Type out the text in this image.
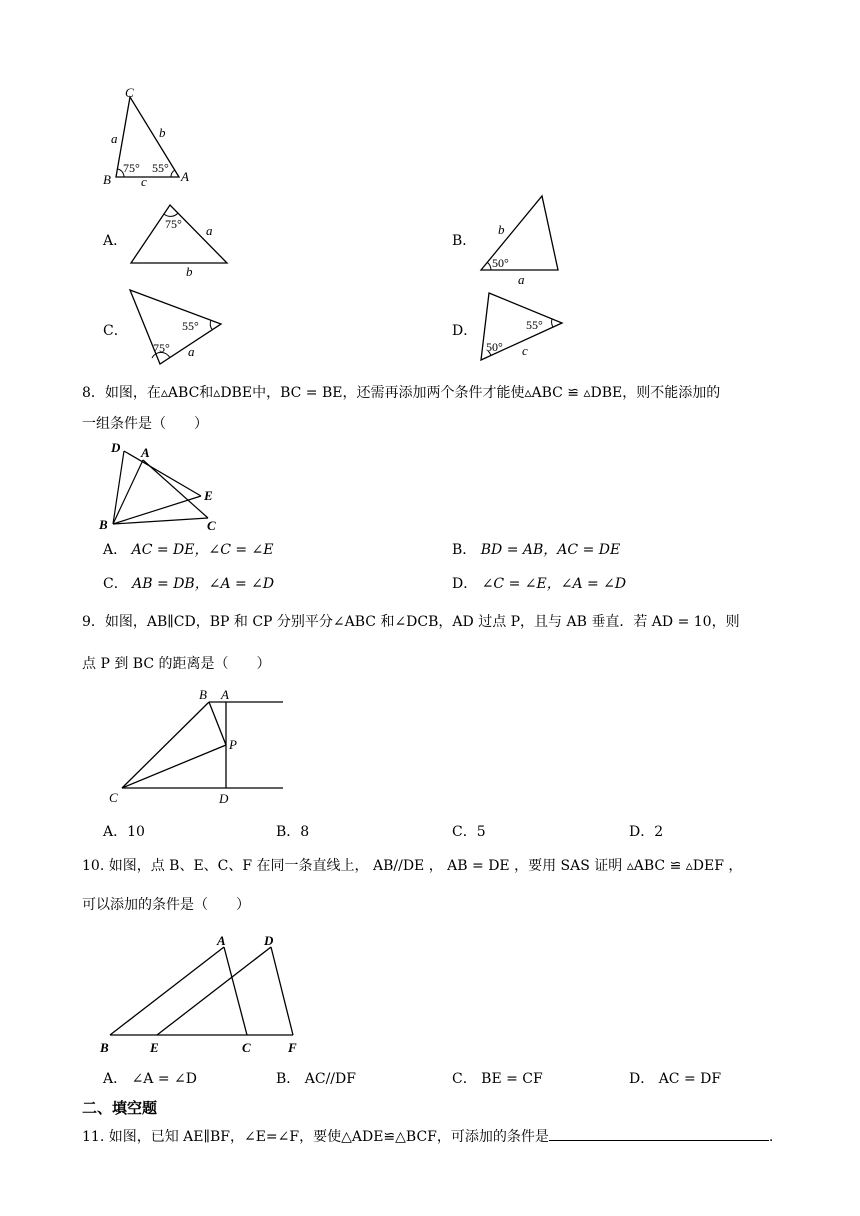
C
B	A
a	b
c
75° 55°
A．
75° a
b
B．
50°
b
a
C．	55°
75° a
D．	55°
50° c
8．如图，在▵ABC和▵DBE中，BC = BE，还需再添加两个条件才能使▵ABC ≌ ▵DBE，则不能添加的
一组条件是（　　）
D A
E
B	C
A． AC = DE，∠C = ∠E	B． BD = AB，AC = DE
C． AB = DB，∠A = ∠D	D． ∠C = ∠E，∠A = ∠D
9．如图，AB∥CD，BP 和 CP 分别平分∠ABC 和∠DCB，AD 过点 P，且与 AB 垂直．若 AD = 10，则
点 P 到 BC 的距离是（　　）
B A
P
C	D
A．10	B．8	C．5	D．2
10. 如图，点 B、E、C、F 在同一条直线上， AB//DE ， AB = DE ，要用 SAS 证明 ▵ABC ≌ ▵DEF ，
可以添加的条件是（　　）
A	D
B	E	C	F
A． ∠A = ∠D	B． AC//DF	C． BE = CF	D． AC = DF
二、填空题
11. 如图，已知 AE∥BF，∠E=∠F，要使△ADE≌△BCF，可添加的条件是	.
